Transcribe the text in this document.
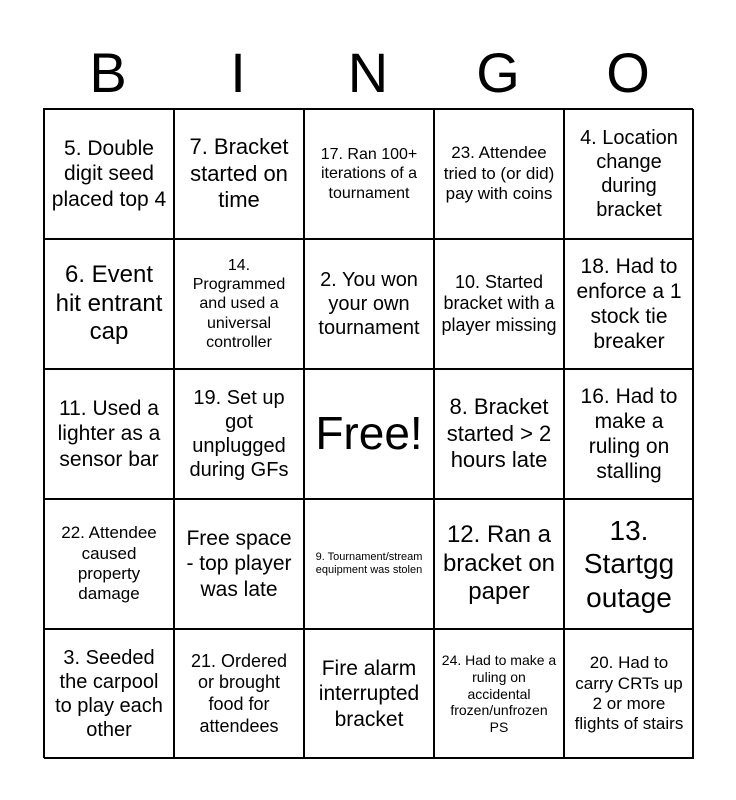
B	I	N	G	O
5. Double digit seed placed top 4
7. Bracket started on time
17. Ran 100+ iterations of a tournament
23. Attendee tried to (or did) pay with coins
4. Location change during bracket
6. Event hit entrant cap
14. Programmed and used a universal controller
2. You won your own tournament
10. Started bracket with a player missing
18. Had to enforce a 1 stock tie breaker
11. Used a lighter as a sensor bar
19. Set up got unplugged during GFs
Free!
8. Bracket started > 2 hours late
16. Had to make a ruling on stalling
22. Attendee caused property damage
Free space - top player was late
9. Tournament/stream equipment was stolen
12. Ran a bracket on paper
13. Startgg outage
3. Seeded the carpool to play each other
21. Ordered or brought food for attendees
Fire alarm interrupted bracket
24. Had to make a ruling on accidental frozen/unfrozen PS
20. Had to carry CRTs up 2 or more flights of stairs
